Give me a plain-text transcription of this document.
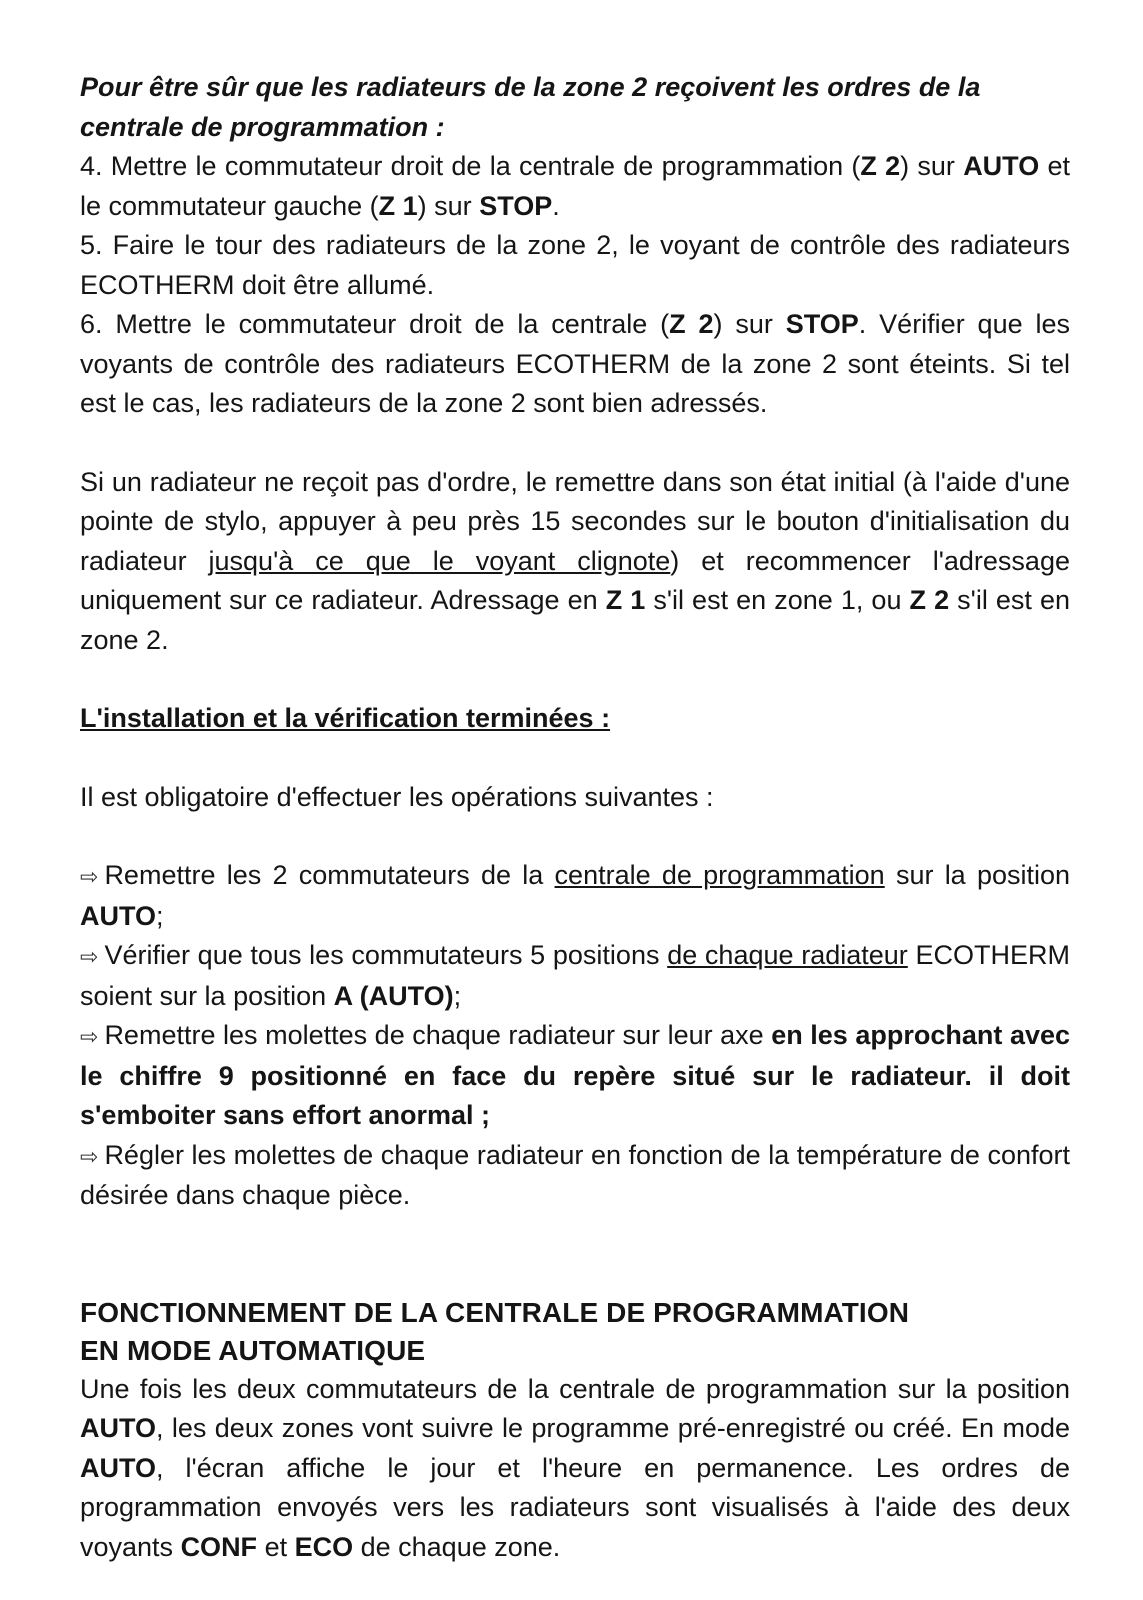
Pour être sûr que les radiateurs de la zone 2 reçoivent les ordres de la centrale de programmation :

4. Mettre le commutateur droit de la centrale de programmation (Z 2) sur AUTO et le commutateur gauche (Z 1) sur STOP.

5. Faire le tour des radiateurs de la zone 2, le voyant de contrôle des radiateurs ECOTHERM doit être allumé.

6. Mettre le commutateur droit de la centrale (Z 2) sur STOP. Vérifier que les voyants de contrôle des radiateurs ECOTHERM de la zone 2 sont éteints. Si tel est le cas, les radiateurs de la zone 2 sont bien adressés.

Si un radiateur ne reçoit pas d'ordre, le remettre dans son état initial (à l'aide d'une pointe de stylo, appuyer à peu près 15 secondes sur le bouton d'initialisation du radiateur jusqu'à ce que le voyant clignote) et recommencer l'adressage uniquement sur ce radiateur. Adressage en Z 1 s'il est en zone 1, ou Z 2 s'il est en zone 2.

L'installation et la vérification terminées :

Il est obligatoire d'effectuer les opérations suivantes :

⇨ Remettre les 2 commutateurs de la centrale de programmation sur la position AUTO;

⇨ Vérifier que tous les commutateurs 5 positions de chaque radiateur ECOTHERM soient sur la position A (AUTO);

⇨ Remettre les molettes de chaque radiateur sur leur axe en les approchant avec le chiffre 9 positionné en face du repère situé sur le radiateur. il doit s'emboiter sans effort anormal ;

⇨ Régler les molettes de chaque radiateur en fonction de la température de confort désirée dans chaque pièce.

FONCTIONNEMENT DE LA CENTRALE DE PROGRAMMATION
EN MODE AUTOMATIQUE

Une fois les deux commutateurs de la centrale de programmation sur la position AUTO, les deux zones vont suivre le programme pré-enregistré ou créé. En mode AUTO, l'écran affiche le jour et l'heure en permanence. Les ordres de programmation envoyés vers les radiateurs sont visualisés à l'aide des deux voyants CONF et ECO de chaque zone.
